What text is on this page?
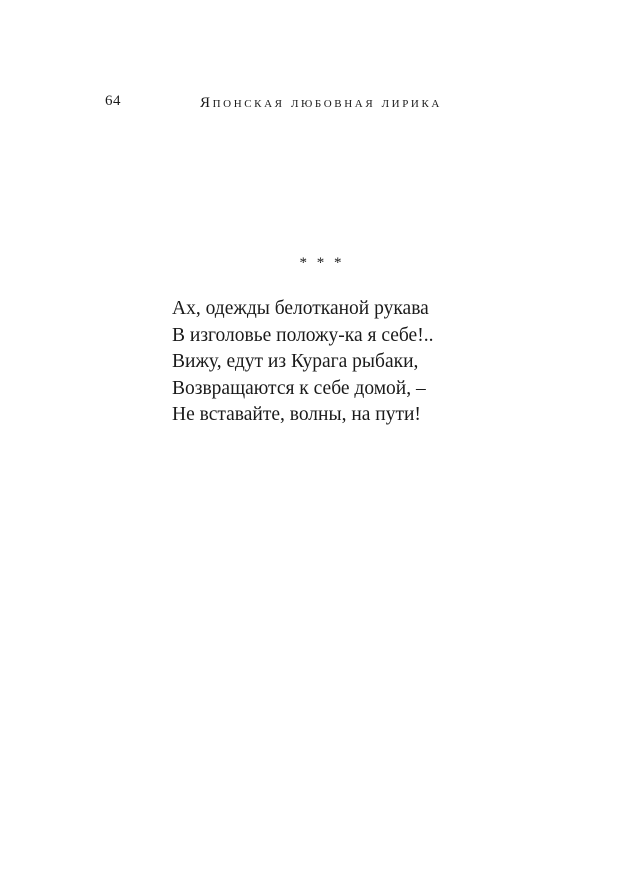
64	Японская любовная лирика
* * *
Ах, одежды белотканой рукава
В изголовье положу-ка я себе!..
Вижу, едут из Курага рыбаки,
Возвращаются к себе домой, –
Не вставайте, волны, на пути!
